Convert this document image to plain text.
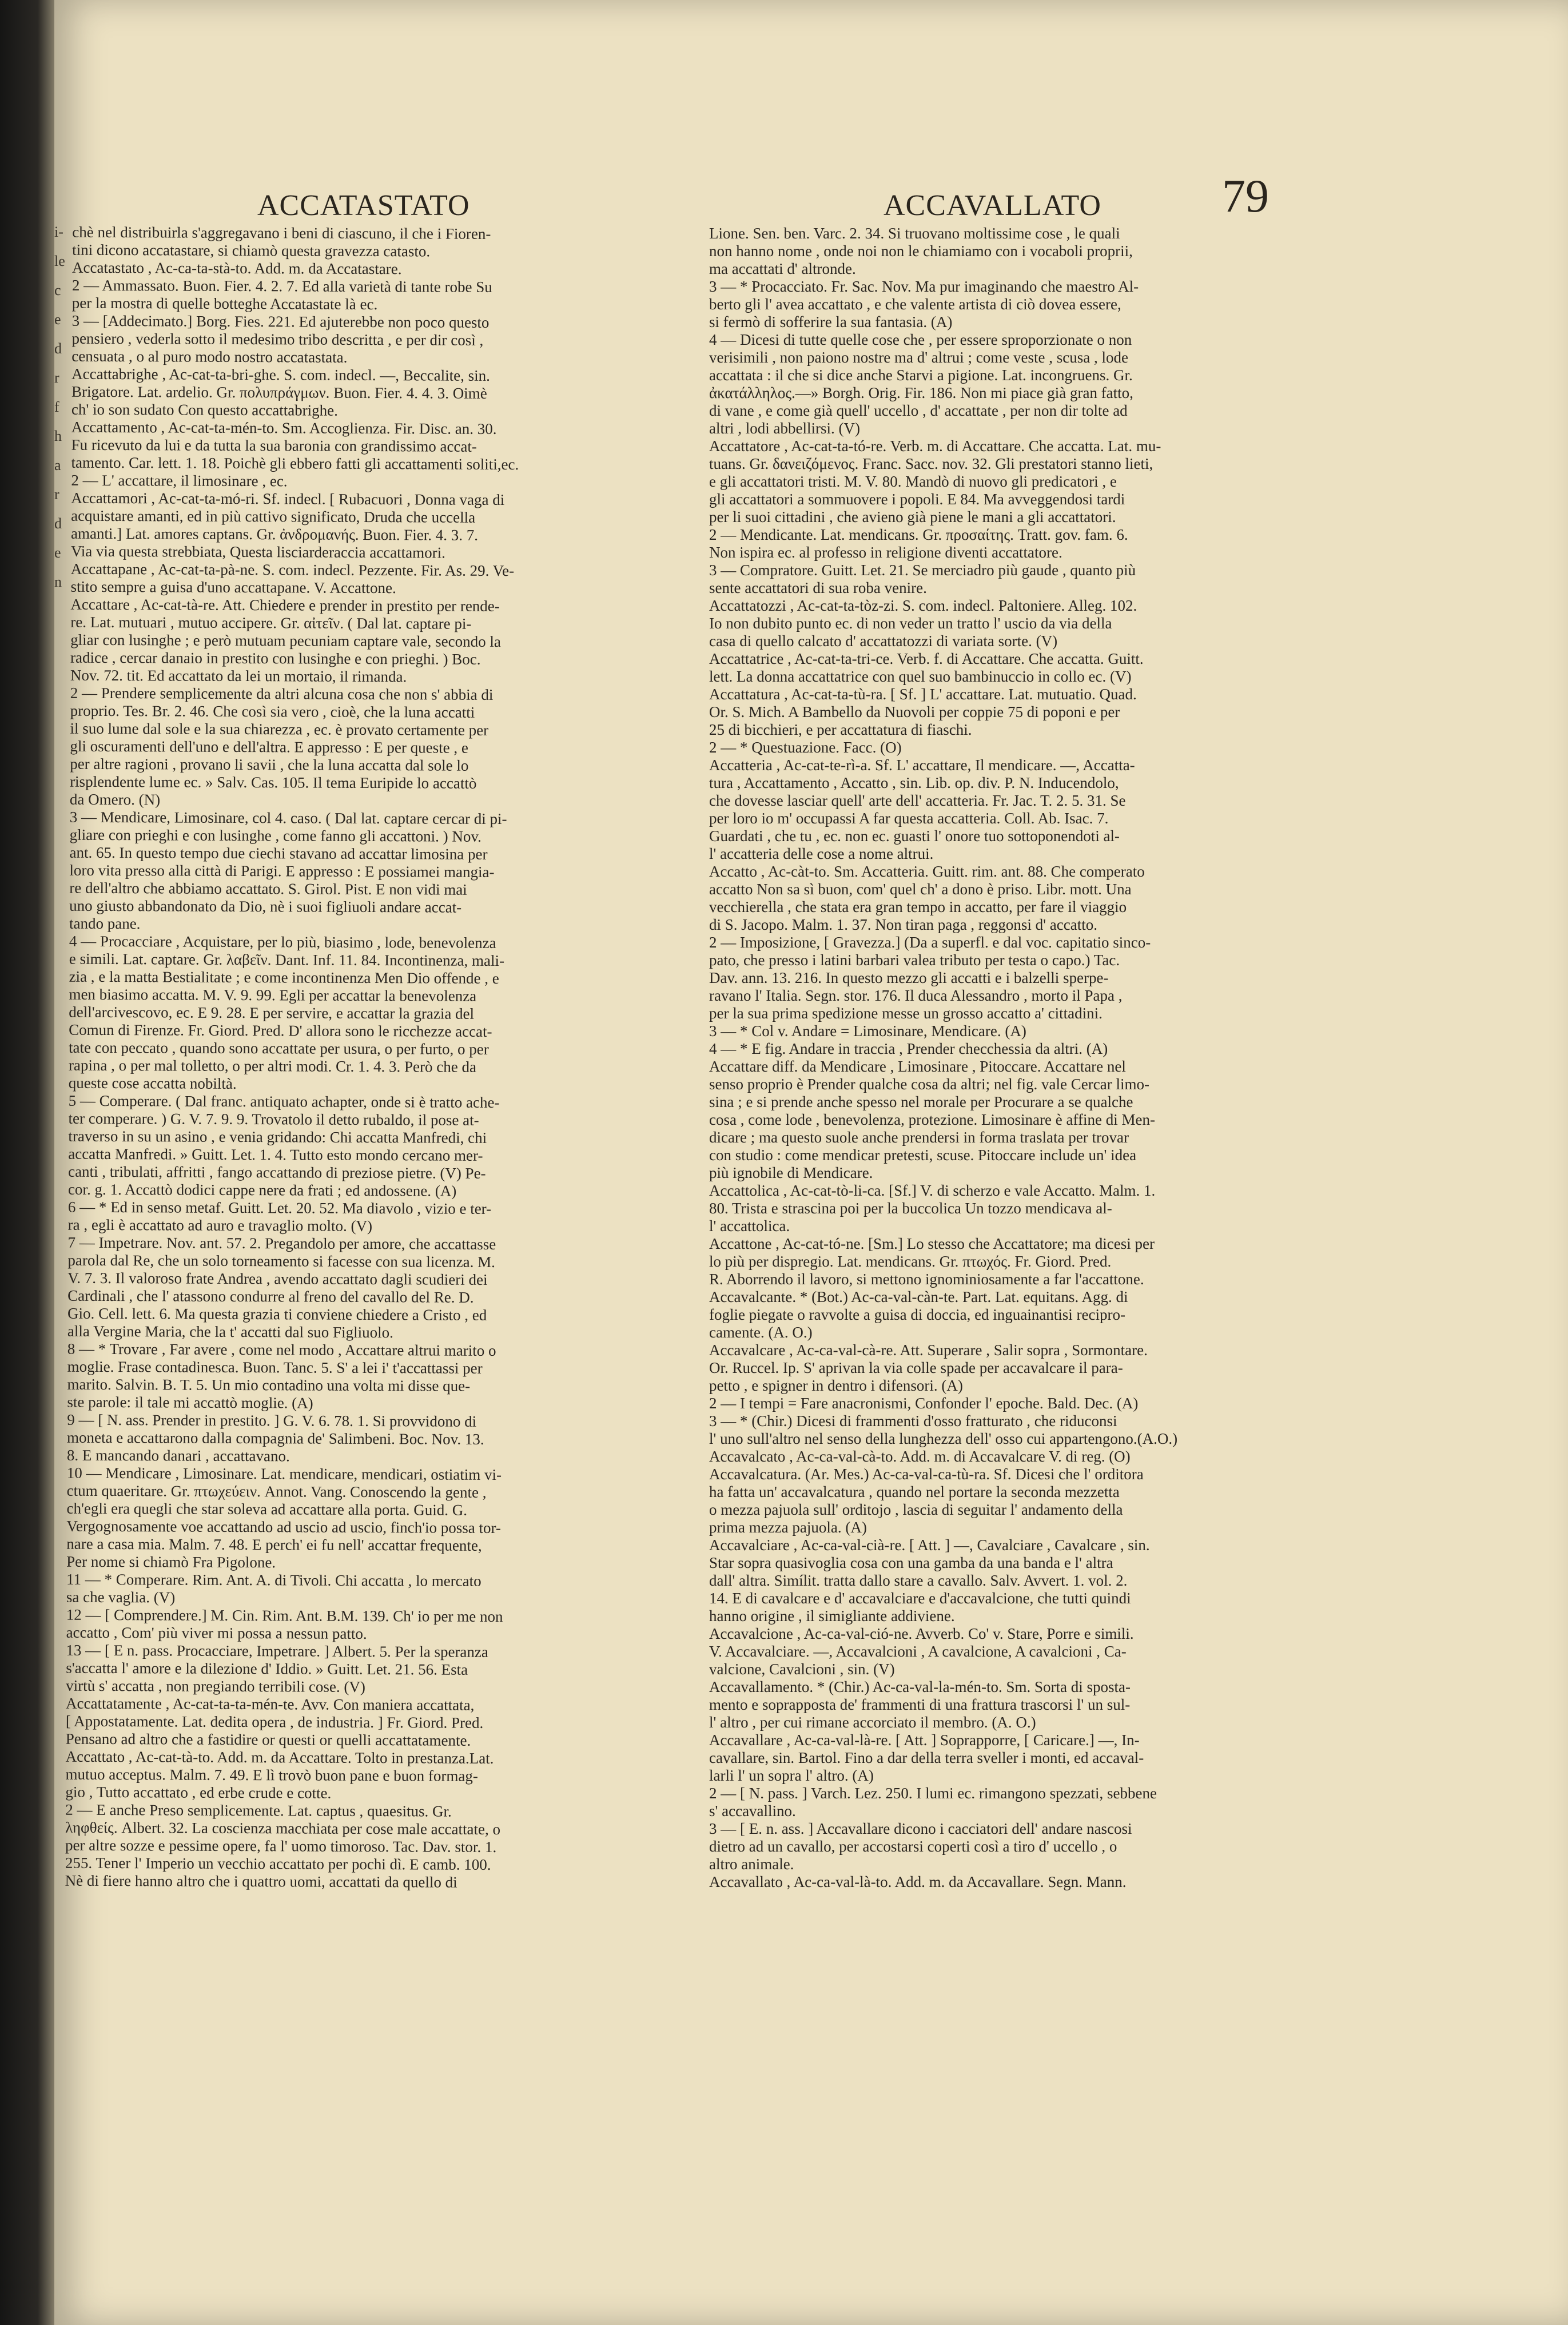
i-
le
c
e
d
r
f
h
a
r
d
e
n
ACCATASTATO	ACCAVALLATO	79
chè nel distribuirla s'aggregavano i beni di ciascuno, il che i Fioren-
tini dicono accatastare, si chiamò questa gravezza catasto.
Accatastato , Ac-ca-ta-stà-to. Add. m. da Accatastare.
2 — Ammassato. Buon. Fier. 4. 2. 7. Ed alla varietà di tante robe Su
per la mostra di quelle botteghe Accatastate là ec.
3 — [Addecimato.] Borg. Fies. 221. Ed ajuterebbe non poco questo
pensiero , vederla sotto il medesimo tribo descritta , e per dir così ,
censuata , o al puro modo nostro accatastata.
Accattabrighe , Ac-cat-ta-bri-ghe. S. com. indecl. —, Beccalite, sin.
Brigatore. Lat. ardelio. Gr. πολυπράγμων. Buon. Fier. 4. 4. 3. Oimè
ch' io son sudato Con questo accattabrighe.
Accattamento , Ac-cat-ta-mén-to. Sm. Accoglienza. Fir. Disc. an. 30.
Fu ricevuto da lui e da tutta la sua baronia con grandissimo accat-
tamento. Car. lett. 1. 18. Poichè gli ebbero fatti gli accattamenti soliti,ec.
2 — L' accattare, il limosinare , ec.
Accattamori , Ac-cat-ta-mó-ri. Sf. indecl. [ Rubacuori , Donna vaga di
acquistare amanti, ed in più cattivo significato, Druda che uccella
amanti.] Lat. amores captans. Gr. ἀνδρομανής. Buon. Fier. 4. 3. 7.
Via via questa strebbiata, Questa lisciarderaccia accattamori.
Accattapane , Ac-cat-ta-pà-ne. S. com. indecl. Pezzente. Fir. As. 29. Ve-
stito sempre a guisa d'uno accattapane. V. Accattone.
Accattare , Ac-cat-tà-re. Att. Chiedere e prender in prestito per rende-
re. Lat. mutuari , mutuo accipere. Gr. αἰτεῖν. ( Dal lat. captare pi-
gliar con lusinghe ; e però mutuam pecuniam captare vale, secondo la
radice , cercar danaio in prestito con lusinghe e con prieghi. ) Boc.
Nov. 72. tit. Ed accattato da lei un mortaio, il rimanda.
2 — Prendere semplicemente da altri alcuna cosa che non s' abbia di
proprio. Tes. Br. 2. 46. Che così sia vero , cioè, che la luna accatti
il suo lume dal sole e la sua chiarezza , ec. è provato certamente per
gli oscuramenti dell'uno e dell'altra. E appresso : E per queste , e
per altre ragioni , provano li savii , che la luna accatta dal sole lo
risplendente lume ec. » Salv. Cas. 105. Il tema Euripide lo accattò
da Omero. (N)
3 — Mendicare, Limosinare, col 4. caso. ( Dal lat. captare cercar di pi-
gliare con prieghi e con lusinghe , come fanno gli accattoni. ) Nov.
ant. 65. In questo tempo due ciechi stavano ad accattar limosina per
loro vita presso alla città di Parigi. E appresso : E possiamei mangia-
re dell'altro che abbiamo accattato. S. Girol. Pist. E non vidi mai
uno giusto abbandonato da Dio, nè i suoi figliuoli andare accat-
tando pane.
4 — Procacciare , Acquistare, per lo più, biasimo , lode, benevolenza
e simili. Lat. captare. Gr. λαβεῖν. Dant. Inf. 11. 84. Incontinenza, mali-
zia , e la matta Bestialitate ; e come incontinenza Men Dio offende , e
men biasimo accatta. M. V. 9. 99. Egli per accattar la benevolenza
dell'arcivescovo, ec. E 9. 28. E per servire, e accattar la grazia del
Comun di Firenze. Fr. Giord. Pred. D' allora sono le ricchezze accat-
tate con peccato , quando sono accattate per usura, o per furto, o per
rapina , o per mal tolletto, o per altri modi. Cr. 1. 4. 3. Però che da
queste cose accatta nobiltà.
5 — Comperare. ( Dal franc. antiquato achapter, onde si è tratto ache-
ter comperare. ) G. V. 7. 9. 9. Trovatolo il detto rubaldo, il pose at-
traverso in su un asino , e venia gridando: Chi accatta Manfredi, chi
accatta Manfredi. » Guitt. Let. 1. 4. Tutto esto mondo cercano mer-
canti , tribulati, affritti , fango accattando di preziose pietre. (V) Pe-
cor. g. 1. Accattò dodici cappe nere da frati ; ed andossene. (A)
6 — * Ed in senso metaf. Guitt. Let. 20. 52. Ma diavolo , vizio e ter-
ra , egli è accattato ad auro e travaglio molto. (V)
7 — Impetrare. Nov. ant. 57. 2. Pregandolo per amore, che accattasse
parola dal Re, che un solo torneamento si facesse con sua licenza. M.
V. 7. 3. Il valoroso frate Andrea , avendo accattato dagli scudieri dei
Cardinali , che l' atassono condurre al freno del cavallo del Re. D.
Gio. Cell. lett. 6. Ma questa grazia ti conviene chiedere a Cristo , ed
alla Vergine Maria, che la t' accatti dal suo Figliuolo.
8 — * Trovare , Far avere , come nel modo , Accattare altrui marito o
moglie. Frase contadinesca. Buon. Tanc. 5. S' a lei i' t'accattassi per
marito. Salvin. B. T. 5. Un mio contadino una volta mi disse que-
ste parole: il tale mi accattò moglie. (A)
9 — [ N. ass. Prender in prestito. ] G. V. 6. 78. 1. Si provvidono di
moneta e accattarono dalla compagnia de' Salimbeni. Boc. Nov. 13.
8. E mancando danari , accattavano.
10 — Mendicare , Limosinare. Lat. mendicare, mendicari, ostiatim vi-
ctum quaeritare. Gr. πτωχεύειν. Annot. Vang. Conoscendo la gente ,
ch'egli era quegli che star soleva ad accattare alla porta. Guid. G.
Vergognosamente voe accattando ad uscio ad uscio, finch'io possa tor-
nare a casa mia. Malm. 7. 48. E perch' ei fu nell' accattar frequente,
Per nome si chiamò Fra Pigolone.
11 — * Comperare. Rim. Ant. A. di Tivoli. Chi accatta , lo mercato
sa che vaglia. (V)
12 — [ Comprendere.] M. Cin. Rim. Ant. B.M. 139. Ch' io per me non
accatto , Com' più viver mi possa a nessun patto.
13 — [ E n. pass. Procacciare, Impetrare. ] Albert. 5. Per la speranza
s'accatta l' amore e la dilezione d' Iddio. » Guitt. Let. 21. 56. Esta
virtù s' accatta , non pregiando terribili cose. (V)
Accattatamente , Ac-cat-ta-ta-mén-te. Avv. Con maniera accattata,
[ Appostatamente. Lat. dedita opera , de industria. ] Fr. Giord. Pred.
Pensano ad altro che a fastidire or questi or quelli accattatamente.
Accattato , Ac-cat-tà-to. Add. m. da Accattare. Tolto in prestanza.Lat.
mutuo acceptus. Malm. 7. 49. E lì trovò buon pane e buon formag-
gio , Tutto accattato , ed erbe crude e cotte.
2 — E anche Preso semplicemente. Lat. captus , quaesitus. Gr.
ληφθείς. Albert. 32. La coscienza macchiata per cose male accattate, o
per altre sozze e pessime opere, fa l' uomo timoroso. Tac. Dav. stor. 1.
255. Tener l' Imperio un vecchio accattato per pochi dì. E camb. 100.
Nè di fiere hanno altro che i quattro uomi, accattati da quello di
Lione. Sen. ben. Varc. 2. 34. Si truovano moltissime cose , le quali
non hanno nome , onde noi non le chiamiamo con i vocaboli proprii,
ma accattati d' altronde.
3 — * Procacciato. Fr. Sac. Nov. Ma pur imaginando che maestro Al-
berto gli l' avea accattato , e che valente artista di ciò dovea essere,
si fermò di sofferire la sua fantasia. (A)
4 — Dicesi di tutte quelle cose che , per essere sproporzionate o non
verisimili , non paiono nostre ma d' altrui ; come veste , scusa , lode
accattata : il che si dice anche Starvi a pigione. Lat. incongruens. Gr.
ἀκατάλληλος.—» Borgh. Orig. Fir. 186. Non mi piace già gran fatto,
di vane , e come già quell' uccello , d' accattate , per non dir tolte ad
altri , lodi abbellirsi. (V)
Accattatore , Ac-cat-ta-tó-re. Verb. m. di Accattare. Che accatta. Lat. mu-
tuans. Gr. δανειζόμενος. Franc. Sacc. nov. 32. Gli prestatori stanno lieti,
e gli accattatori tristi. M. V. 80. Mandò di nuovo gli predicatori , e
gli accattatori a sommuovere i popoli. E 84. Ma avveggendosi tardi
per li suoi cittadini , che avieno già piene le mani a gli accattatori.
2 — Mendicante. Lat. mendicans. Gr. προσαίτης. Tratt. gov. fam. 6.
Non ispira ec. al professo in religione diventi accattatore.
3 — Compratore. Guitt. Let. 21. Se merciadro più gaude , quanto più
sente accattatori di sua roba venire.
Accattatozzi , Ac-cat-ta-tòz-zi. S. com. indecl. Paltoniere. Alleg. 102.
Io non dubito punto ec. di non veder un tratto l' uscio da via della
casa di quello calcato d' accattatozzi di variata sorte. (V)
Accattatrice , Ac-cat-ta-tri-ce. Verb. f. di Accattare. Che accatta. Guitt.
lett. La donna accattatrice con quel suo bambinuccio in collo ec. (V)
Accattatura , Ac-cat-ta-tù-ra. [ Sf. ] L' accattare. Lat. mutuatio. Quad.
Or. S. Mich. A Bambello da Nuovoli per coppie 75 di poponi e per
25 di bicchieri, e per accattatura di fiaschi.
2 — * Questuazione. Facc. (O)
Accatteria , Ac-cat-te-rì-a. Sf. L' accattare, Il mendicare. —, Accatta-
tura , Accattamento , Accatto , sin. Lib. op. div. P. N. Inducendolo,
che dovesse lasciar quell' arte dell' accatteria. Fr. Jac. T. 2. 5. 31. Se
per loro io m' occupassi A far questa accatteria. Coll. Ab. Isac. 7.
Guardati , che tu , ec. non ec. guasti l' onore tuo sottoponendoti al-
l' accatteria delle cose a nome altrui.
Accatto , Ac-càt-to. Sm. Accatteria. Guitt. rim. ant. 88. Che comperato
accatto Non sa sì buon, com' quel ch' a dono è priso. Libr. mott. Una
vecchierella , che stata era gran tempo in accatto, per fare il viaggio
di S. Jacopo. Malm. 1. 37. Non tiran paga , reggonsi d' accatto.
2 — Imposizione, [ Gravezza.] (Da a superfl. e dal voc. capitatio sinco-
pato, che presso i latini barbari valea tributo per testa o capo.) Tac.
Dav. ann. 13. 216. In questo mezzo gli accatti e i balzelli sperpe-
ravano l' Italia. Segn. stor. 176. Il duca Alessandro , morto il Papa ,
per la sua prima spedizione messe un grosso accatto a' cittadini.
3 — * Col v. Andare = Limosinare, Mendicare. (A)
4 — * E fig. Andare in traccia , Prender checchessia da altri. (A)
Accattare diff. da Mendicare , Limosinare , Pitoccare. Accattare nel
senso proprio è Prender qualche cosa da altri; nel fig. vale Cercar limo-
sina ; e si prende anche spesso nel morale per Procurare a se qualche
cosa , come lode , benevolenza, protezione. Limosinare è affine di Men-
dicare ; ma questo suole anche prendersi in forma traslata per trovar
con studio : come mendicar pretesti, scuse. Pitoccare include un' idea
più ignobile di Mendicare.
Accattolica , Ac-cat-tò-li-ca. [Sf.] V. di scherzo e vale Accatto. Malm. 1.
80. Trista e strascina poi per la buccolica Un tozzo mendicava al-
l' accattolica.
Accattone , Ac-cat-tó-ne. [Sm.] Lo stesso che Accattatore; ma dicesi per
lo più per dispregio. Lat. mendicans. Gr. πτωχός. Fr. Giord. Pred.
R. Aborrendo il lavoro, si mettono ignominiosamente a far l'accattone.
Accavalcante. * (Bot.) Ac-ca-val-càn-te. Part. Lat. equitans. Agg. di
foglie piegate o ravvolte a guisa di doccia, ed inguainantisi recipro-
camente. (A. O.)
Accavalcare , Ac-ca-val-cà-re. Att. Superare , Salir sopra , Sormontare.
Or. Ruccel. Ip. S' aprivan la via colle spade per accavalcare il para-
petto , e spigner in dentro i difensori. (A)
2 — I tempi = Fare anacronismi, Confonder l' epoche. Bald. Dec. (A)
3 — * (Chir.) Dicesi di frammenti d'osso fratturato , che riduconsi
l' uno sull'altro nel senso della lunghezza dell' osso cui appartengono.(A.O.)
Accavalcato , Ac-ca-val-cà-to. Add. m. di Accavalcare V. di reg. (O)
Accavalcatura. (Ar. Mes.) Ac-ca-val-ca-tù-ra. Sf. Dicesi che l' orditora
ha fatta un' accavalcatura , quando nel portare la seconda mezzetta
o mezza pajuola sull' orditojo , lascia di seguitar l' andamento della
prima mezza pajuola. (A)
Accavalciare , Ac-ca-val-cià-re. [ Att. ] —, Cavalciare , Cavalcare , sin.
Star sopra quasivoglia cosa con una gamba da una banda e l' altra
dall' altra. Simílit. tratta dallo stare a cavallo. Salv. Avvert. 1. vol. 2.
14. E di cavalcare e d' accavalciare e d'accavalcione, che tutti quindi
hanno origine , il simigliante addiviene.
Accavalcione , Ac-ca-val-ció-ne. Avverb. Co' v. Stare, Porre e simili.
V. Accavalciare. —, Accavalcioni , A cavalcione, A cavalcioni , Ca-
valcione, Cavalcioni , sin. (V)
Accavallamento. * (Chir.) Ac-ca-val-la-mén-to. Sm. Sorta di sposta-
mento e soprapposta de' frammenti di una frattura trascorsi l' un sul-
l' altro , per cui rimane accorciato il membro. (A. O.)
Accavallare , Ac-ca-val-là-re. [ Att. ] Soprapporre, [ Caricare.] —, In-
cavallare, sin. Bartol. Fino a dar della terra sveller i monti, ed accaval-
larli l' un sopra l' altro. (A)
2 — [ N. pass. ] Varch. Lez. 250. I lumi ec. rimangono spezzati, sebbene
s' accavallino.
3 — [ E. n. ass. ] Accavallare dicono i cacciatori dell' andare nascosi
dietro ad un cavallo, per accostarsi coperti così a tiro d' uccello , o
altro animale.
Accavallato , Ac-ca-val-là-to. Add. m. da Accavallare. Segn. Mann.
